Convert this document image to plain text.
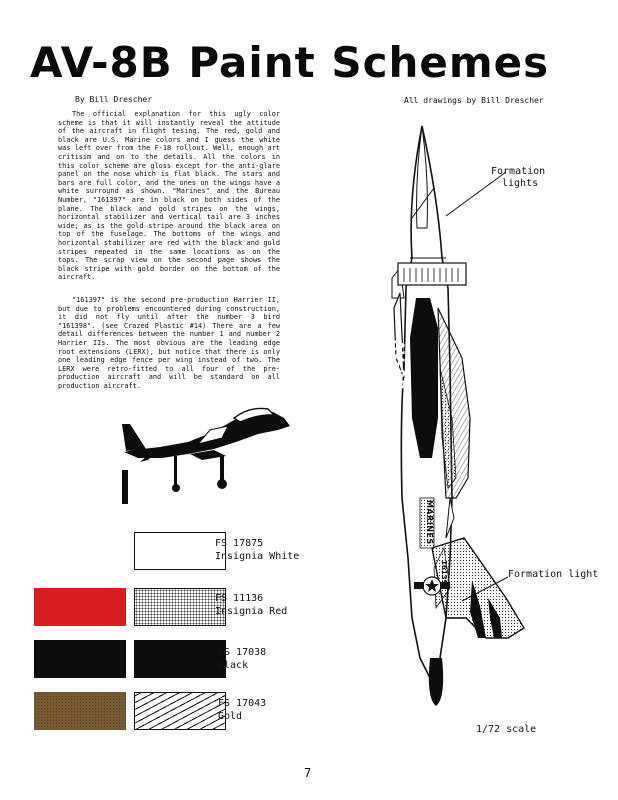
AV-8B Paint Schemes
By Bill Drescher	All drawings by Bill Drescher
The official explanation for this ugly color scheme is that it will instantly reveal the attitude of the aircraft in flight tesing. The red, gold and black are U.S. Marine colors and I guess the white was left over from the F-18 rollout. Well, enough art critisim and on to the details. All the colors in this color scheme are gloss except for the anti-glare panel on the nose which is flat black. The stars and bars are full color, and the ones on the wings have a white surround as shown. "Marines" and the Bureau Number, "161397" are in black on both sides of the plane. The black and gold stripes on the wings, horizontal stabilizer and vertical tail are 3 inches wide; as is the gold stripe around the black area on top of the fuselage. The bottoms of the wings and horizontal stabilizer are red with the black and gold stripes repeated in the same locations as on the tops. The scrap view on the second page shows the black stripe with gold border on the bottom of the aircraft.
"161397" is the second pre-production Harrier II, but due to problems encountered during construction, it did not fly until after the number 3 bird "161398". (see Crazed Plastic #14) There are a few detail differences between the number 1 and number 2 Harrier IIs. The most obvious are the leading edge root extensions (LERX), but notice that there is only one leading edge fence per wing instead of two. The LERX were retro-fitted to all four of the pre-production aircraft and will be standard on all production aircraft.
FS 17875
Insignia White
FS 11136
Insignia Red
FS 17038
Black
FS 17043
Gold
Formation
lights
Formation light
AV-8B
MARINES
161397
1/72 scale
7
